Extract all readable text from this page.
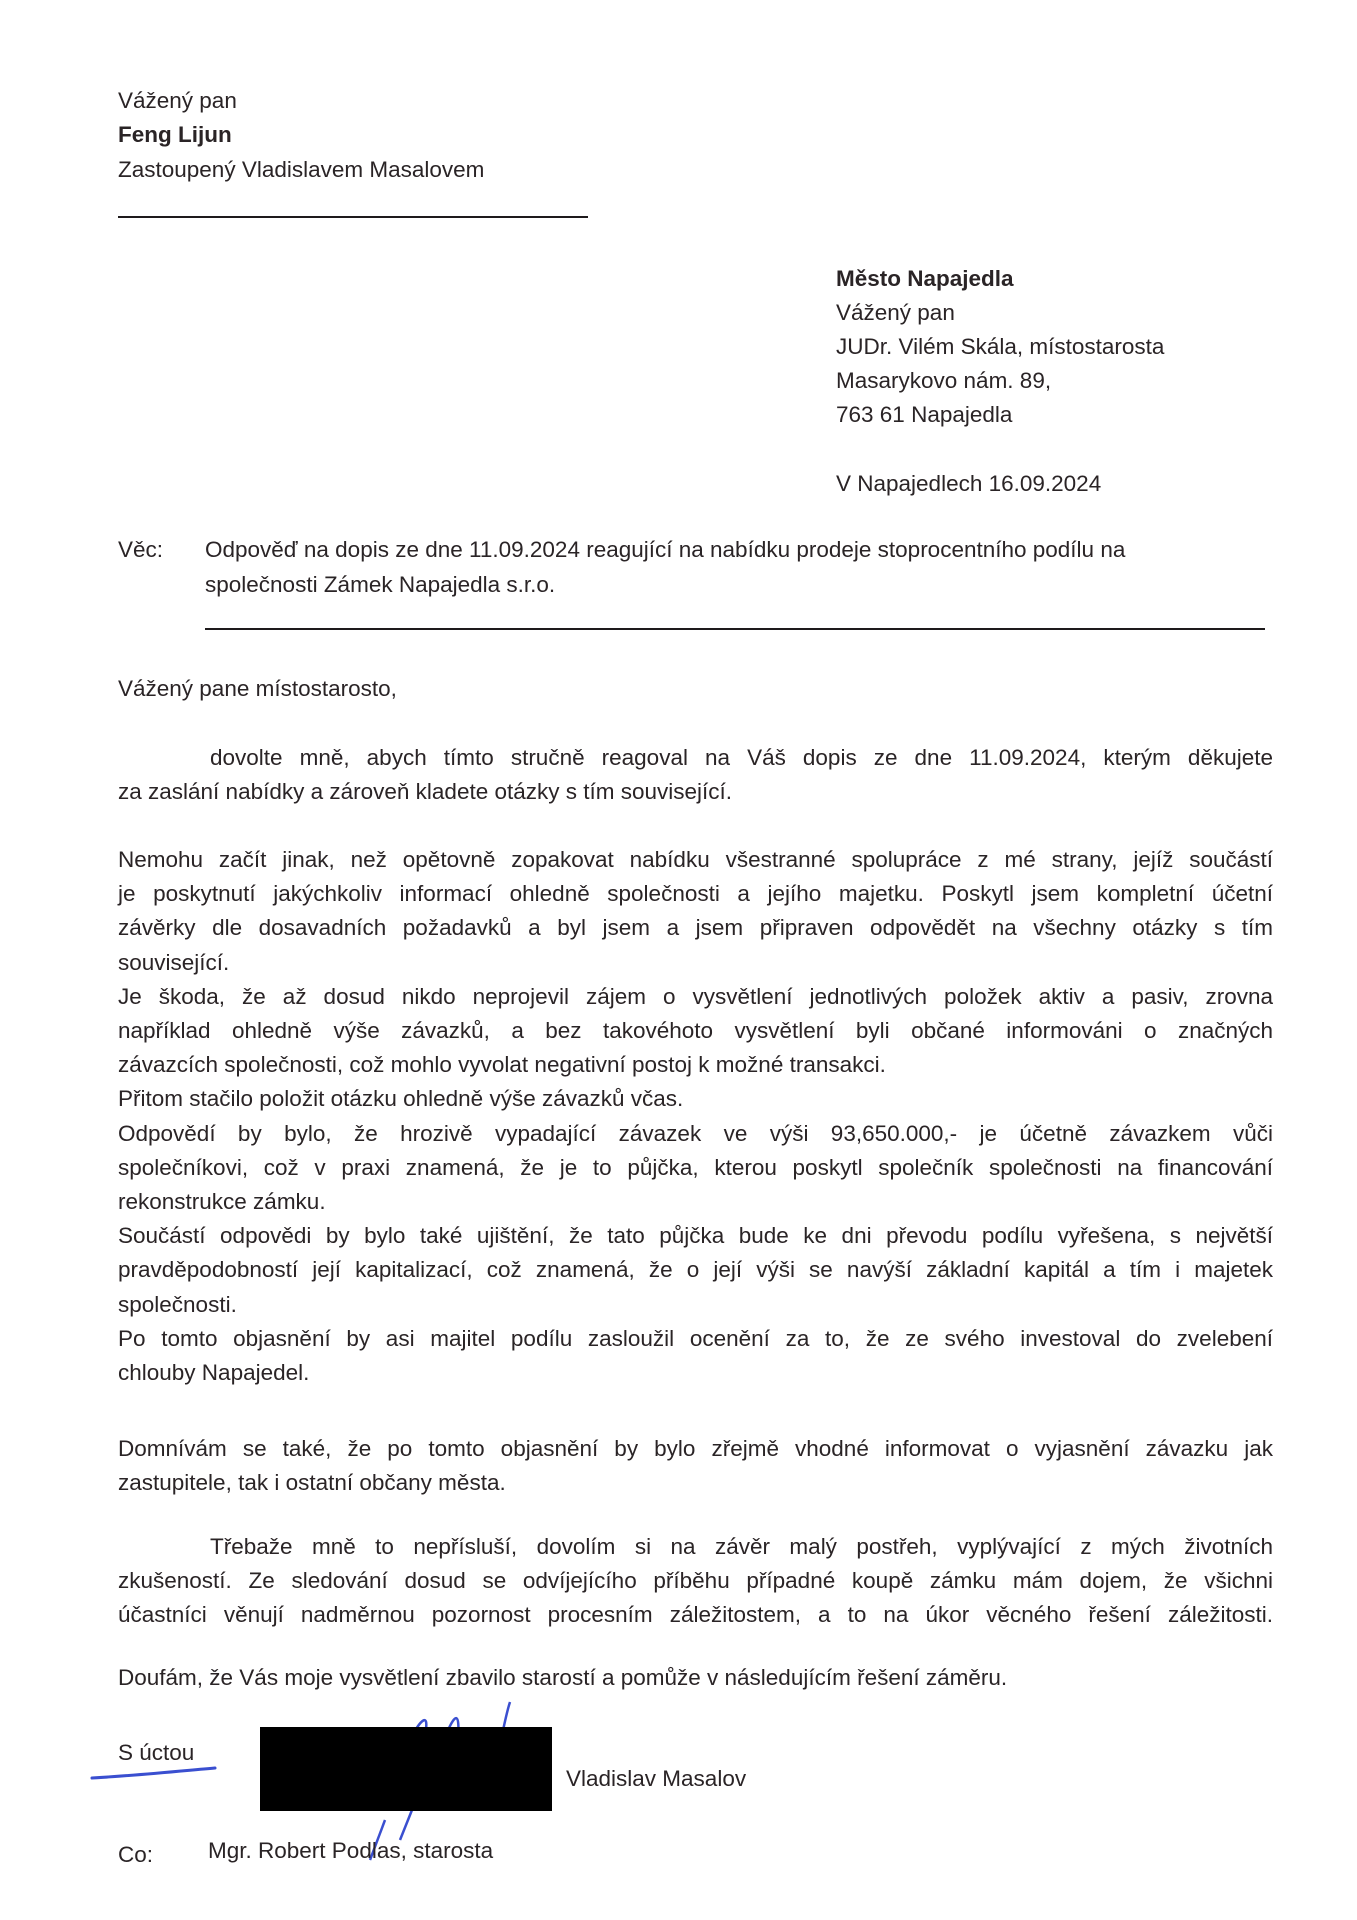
Vážený pan
Feng Lijun
Zastoupený Vladislavem Masalovem
Město Napajedla
Vážený pan
JUDr. Vilém Skála, místostarosta
Masarykovo nám. 89,
763 61 Napajedla
V Napajedlech 16.09.2024
Věc: Odpověď na dopis ze dne 11.09.2024 reagující na nabídku prodeje stoprocentního podílu na
společnosti Zámek Napajedla s.r.o.
Vážený pane místostarosto,
dovolte mně, abych tímto stručně reagoval na Váš dopis ze dne 11.09.2024, kterým děkujete
za zaslání nabídky a zároveň kladete otázky s tím související.
Nemohu začít jinak, než opětovně zopakovat nabídku všestranné spolupráce z mé strany, jejíž součástí
je poskytnutí jakýchkoliv informací ohledně společnosti a jejího majetku. Poskytl jsem kompletní účetní
závěrky dle dosavadních požadavků a byl jsem a jsem připraven odpovědět na všechny otázky s tím
související.
Je škoda, že až dosud nikdo neprojevil zájem o vysvětlení jednotlivých položek aktiv a pasiv, zrovna
například ohledně výše závazků, a bez takovéhoto vysvětlení byli občané informováni o značných
závazcích společnosti, což mohlo vyvolat negativní postoj k možné transakci.
Přitom stačilo položit otázku ohledně výše závazků včas.
Odpovědí by bylo, že hrozivě vypadající závazek ve výši 93,650.000,- je účetně závazkem vůči
společníkovi, což v praxi znamená, že je to půjčka, kterou poskytl společník společnosti na financování
rekonstrukce zámku.
Součástí odpovědi by bylo také ujištění, že tato půjčka bude ke dni převodu podílu vyřešena, s největší
pravděpodobností její kapitalizací, což znamená, že o její výši se navýší základní kapitál a tím i majetek
společnosti.
Po tomto objasnění by asi majitel podílu zasloužil ocenění za to, že ze svého investoval do zvelebení
chlouby Napajedel.
Domnívám se také, že po tomto objasnění by bylo zřejmě vhodné informovat o vyjasnění závazku jak
zastupitele, tak i ostatní občany města.
Třebaže mně to nepřísluší, dovolím si na závěr malý postřeh, vyplývající z mých životních
zkušeností. Ze sledování dosud se odvíjejícího příběhu případné koupě zámku mám dojem, že všichni
účastníci věnují nadměrnou pozornost procesním záležitostem, a to na úkor věcného řešení záležitosti.
Doufám, že Vás moje vysvětlení zbavilo starostí a pomůže v následujícím řešení záměru.
S úctou
Vladislav Masalov
Co: Mgr. Robert Podlas, starosta
